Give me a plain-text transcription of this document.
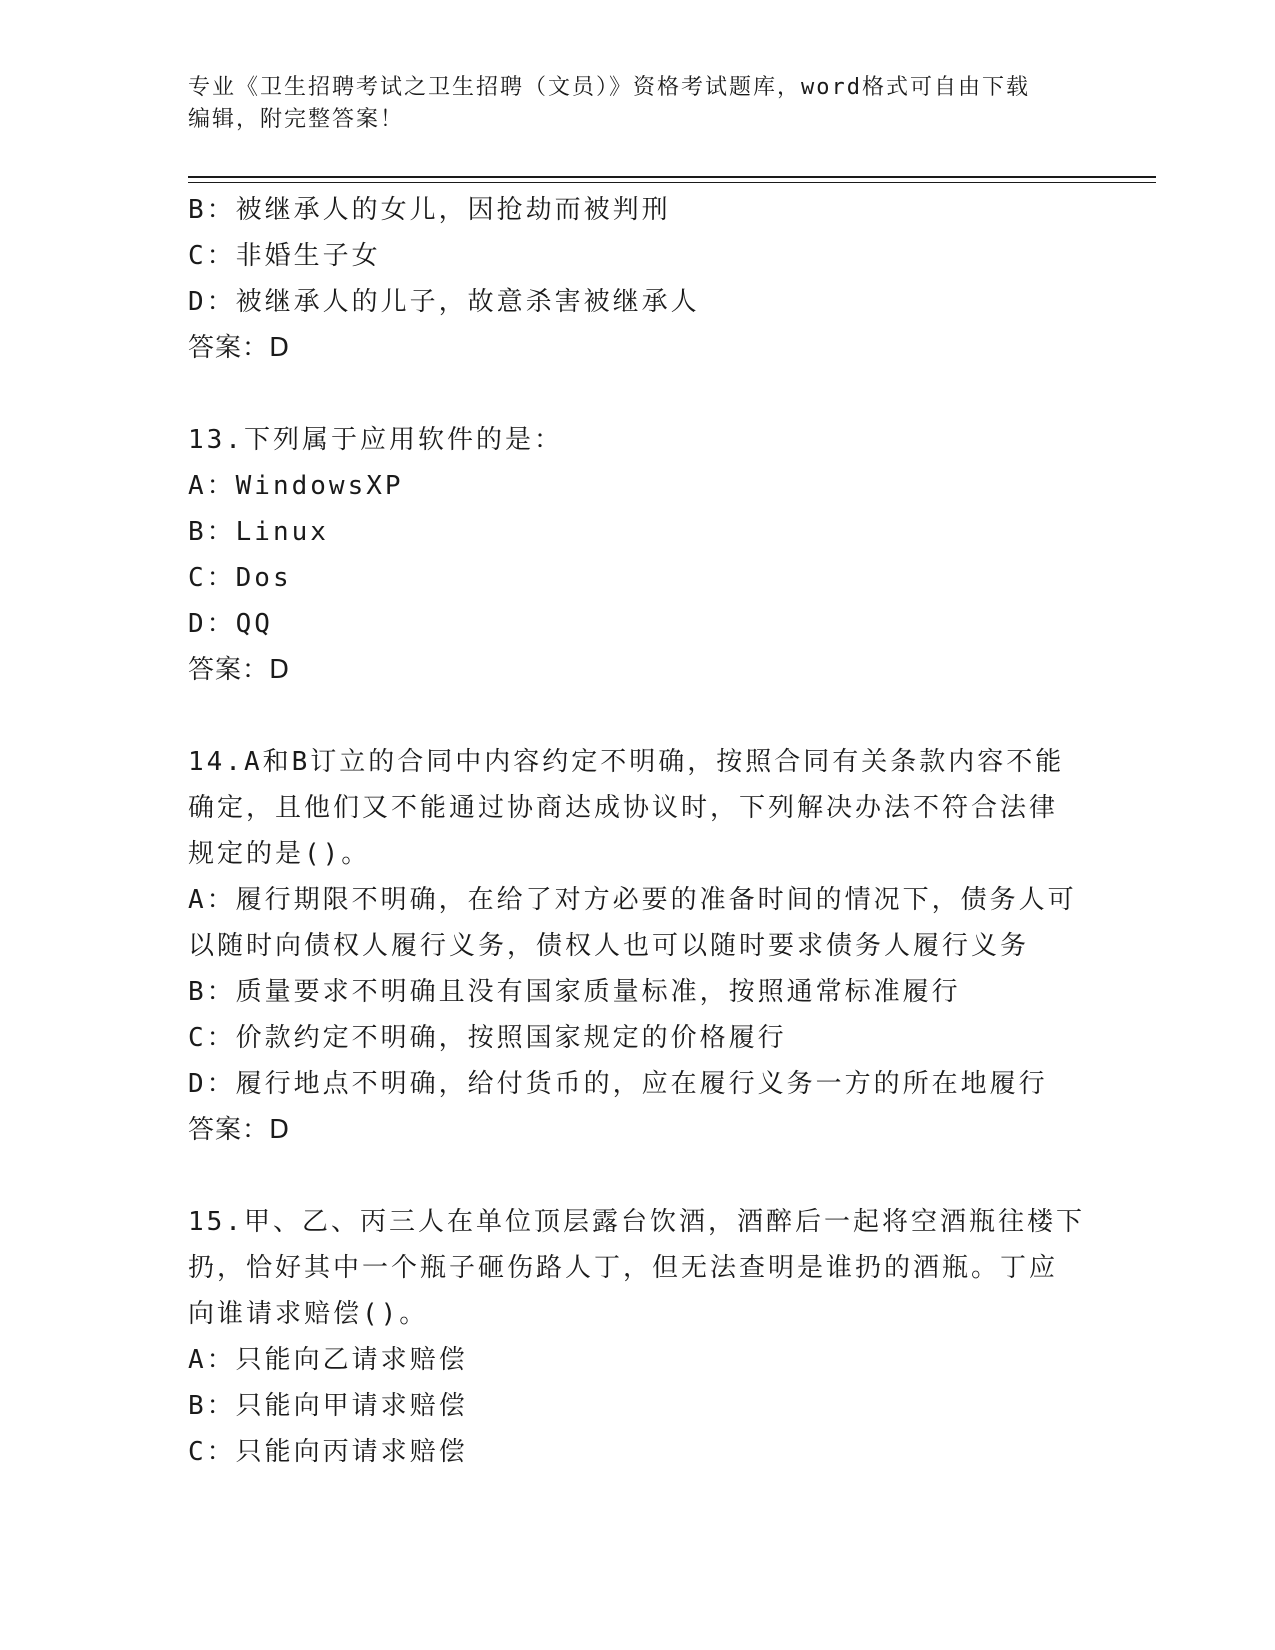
专业《卫生招聘考试之卫生招聘（文员）》资格考试题库，word格式可自由下载
编辑，附完整答案！
B：被继承人的女儿，因抢劫而被判刑
C：非婚生子女
D：被继承人的儿子，故意杀害被继承人
答案：D
13.下列属于应用软件的是：
A：WindowsXP
B：Linux
C：Dos
D：QQ
答案：D
14.A和B订立的合同中内容约定不明确，按照合同有关条款内容不能
确定，且他们又不能通过协商达成协议时，下列解决办法不符合法律
规定的是()。
A：履行期限不明确，在给了对方必要的准备时间的情况下，债务人可
以随时向债权人履行义务，债权人也可以随时要求债务人履行义务
B：质量要求不明确且没有国家质量标准，按照通常标准履行
C：价款约定不明确，按照国家规定的价格履行
D：履行地点不明确，给付货币的，应在履行义务一方的所在地履行
答案：D
15.甲、乙、丙三人在单位顶层露台饮酒，酒醉后一起将空酒瓶往楼下
扔，恰好其中一个瓶子砸伤路人丁，但无法查明是谁扔的酒瓶。丁应
向谁请求赔偿()。
A：只能向乙请求赔偿
B：只能向甲请求赔偿
C：只能向丙请求赔偿
